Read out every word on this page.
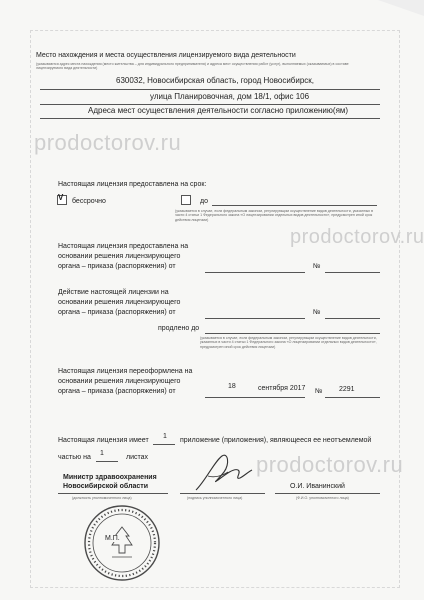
Место нахождения и места осуществления лицензируемого вида деятельности
(указываются адрес места нахождения (место жительства – для индивидуального предпринимателя) и адреса мест осуществления работ (услуг), выполняемых (оказываемых) в составе лицензируемого вида деятельности)
630032, Новосибирская область, город Новосибирск,
улица Планировочная, дом 18/1, офис 106
Адреса мест осуществления деятельности согласно приложению(ям)
prodoctorov.ru
Настоящая лицензия предоставлена на срок:
V бессрочно	до
(указывается в случае, если федеральным законом, регулирующим осуществление видов деятельности, указанных в части 4 статьи 1 Федерального закона «О лицензировании отдельных видов деятельности», предусмотрен иной срок действия лицензии)
prodoctorov.ru
Настоящая лицензия предоставлена на
основании решения лицензирующего
органа – приказа (распоряжения) от	№
Действие настоящей лицензии на
основании решения лицензирующего
органа – приказа (распоряжения) от	№
продлено до
(указывается в случае, если федеральным законом, регулирующим осуществление видов деятельности, указанных в части 4 статьи 1 Федерального закона «О лицензировании отдельных видов деятельности», предусмотрен иной срок действия лицензии)
Настоящая лицензия переоформлена на
основании решения лицензирующего
органа – приказа (распоряжения) от
18	сентября 2017 № 2291
Настоящая лицензия имеет
1
приложение (приложения), являющееся ее неотъемлемой
частью на
1
листах	prodoctorov.ru
Министр здравоохранения
Новосибирской области
(должность уполномоченного лица)	(подпись уполномоченного лица)
О.И. Иванинский
(Ф.И.О. уполномоченного лица)
М.П.
